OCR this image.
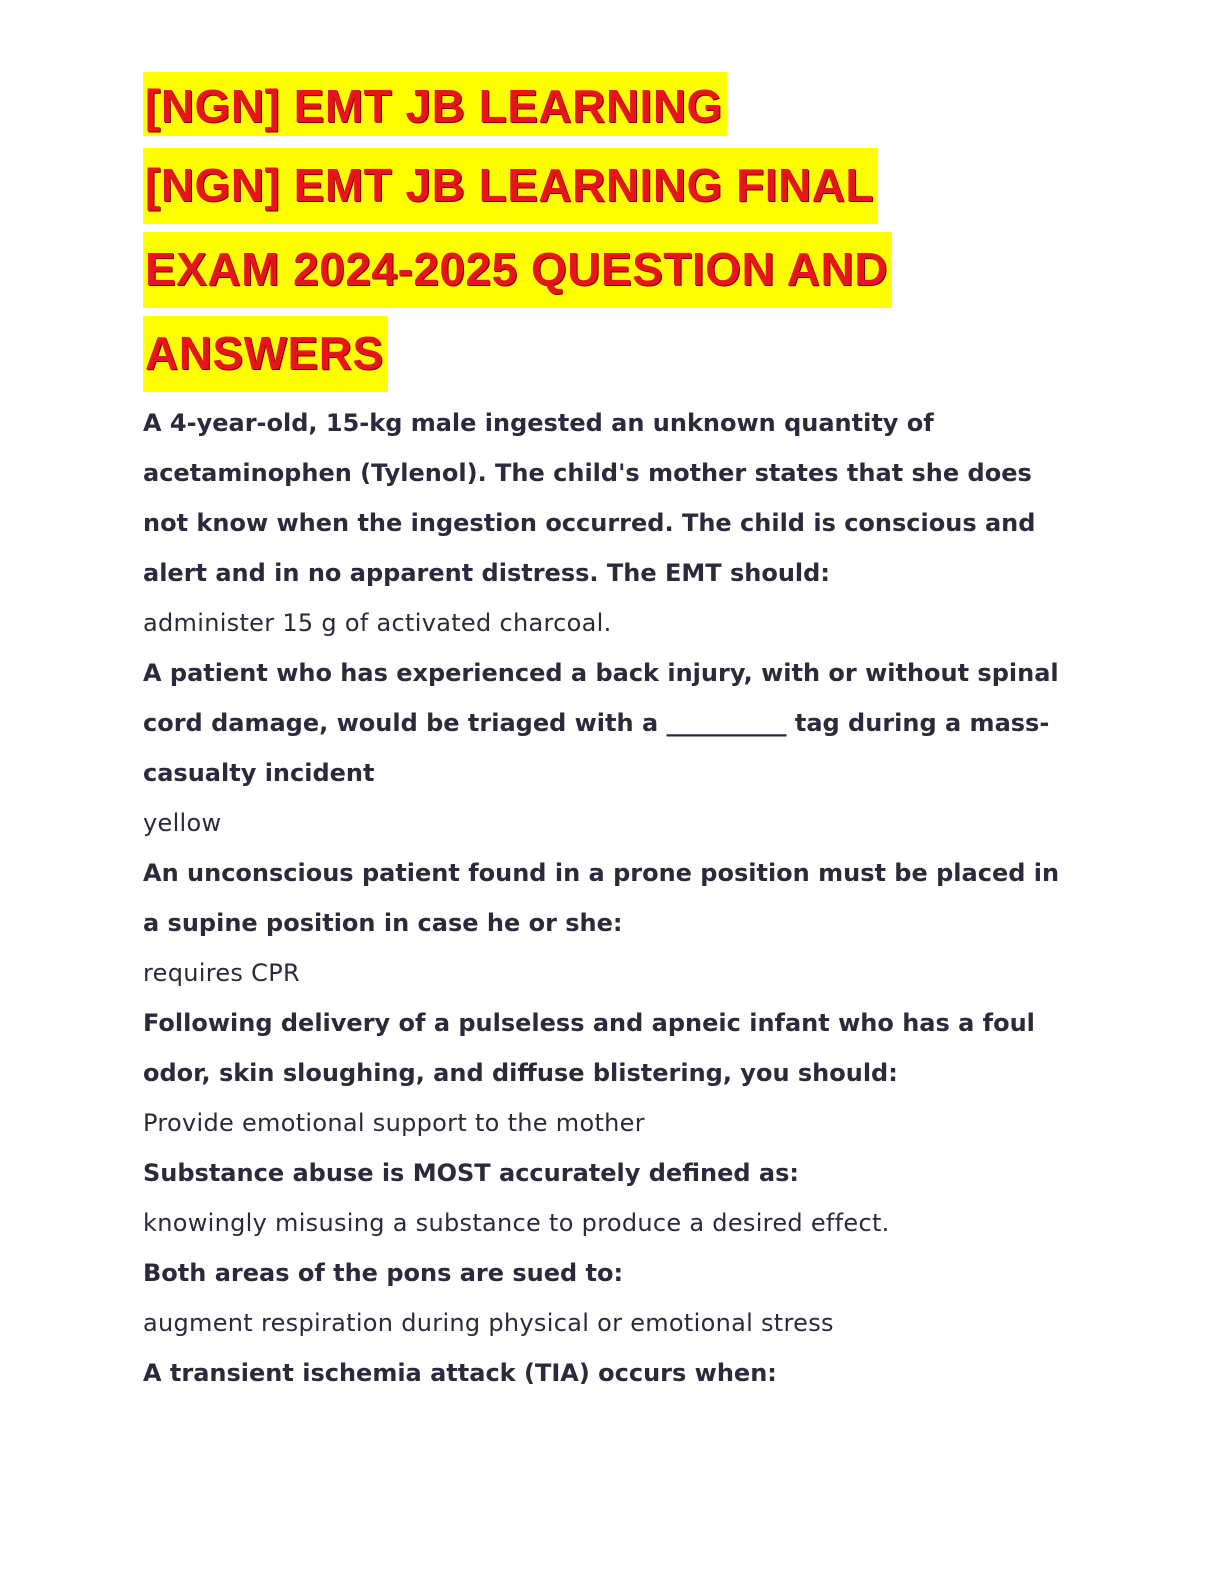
[NGN] EMT JB LEARNING
[NGN] EMT JB LEARNING FINAL
EXAM 2024-2025 QUESTION AND
ANSWERS

A 4-year-old, 15-kg male ingested an unknown quantity of acetaminophen (Tylenol). The child's mother states that she does not know when the ingestion occurred. The child is conscious and alert and in no apparent distress. The EMT should:

administer 15 g of activated charcoal.

A patient who has experienced a back injury, with or without spinal cord damage, would be triaged with a __________ tag during a mass-casualty incident

yellow

An unconscious patient found in a prone position must be placed in a supine position in case he or she:

requires CPR

Following delivery of a pulseless and apneic infant who has a foul odor, skin sloughing, and diffuse blistering, you should:

Provide emotional support to the mother

Substance abuse is MOST accurately defined as:

knowingly misusing a substance to produce a desired effect.

Both areas of the pons are sued to:

augment respiration during physical or emotional stress

A transient ischemia attack (TIA) occurs when:
